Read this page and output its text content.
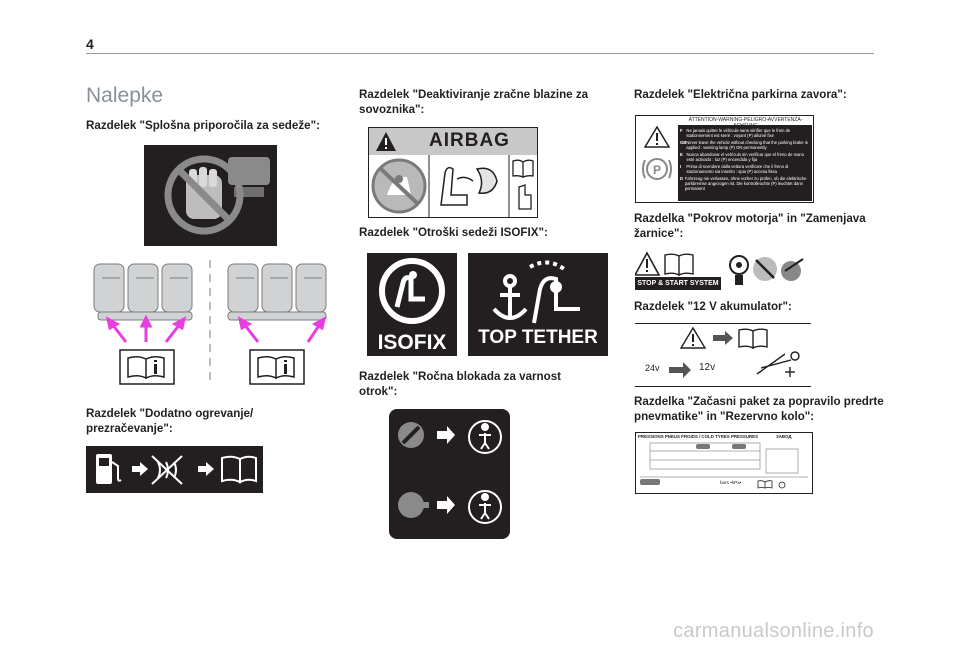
4
Nalepke
Razdelek "Splošna priporočila za sedeže":
Razdelek "Dodatno ogrevanje/ prezračevanje":
Razdelek "Deaktiviranje zračne blazine za sovoznika":
AIRBAG
Razdelek "Otroški sedeži ISOFIX":
ISOFIX	TOP TETHER
Razdelek "Ročna blokada za varnost otrok":
Razdelek "Električna parkirna zavora":
ATTENTION-WARNING-PELIGRO-AVVERTENZA-
P
F Ne jamais quitter le véhicule sans vérifier que le frein de stationnement est serré : voyant (P) allumé fixe
GB Never leave the vehicle without checking that the parking brake is applied : warning lamp (P) ON permanently
E Nunca abandonar el vehículo sin verificar que el freno de mano esté activado : luz (P) encendida y fija
I	Prima di scendere dalla vettura verificare che il freno di stazionamento sia inserito : spia (P) accesa fissa
D Fahrzeug nie verlassen, ohne vorher zu prüfen, ob die elektrische parkbremse angezogen ist. Die kontrolleuchte (P) leuchtet dann permanent
Razdelka "Pokrov motorja" in "Zamenjava žarnice":
STOP & START SYSTEM
Razdelek "12 V akumulator":
24v	12v
Razdelka "Začasni paket za popravilo predrte pnevmatike" in "Rezervno kolo":
PRESSIONS PNEUS FROIDS / COLD TYRES PRESSURES	ЗАВОД
bars •kPa•
carmanualsonline.info
